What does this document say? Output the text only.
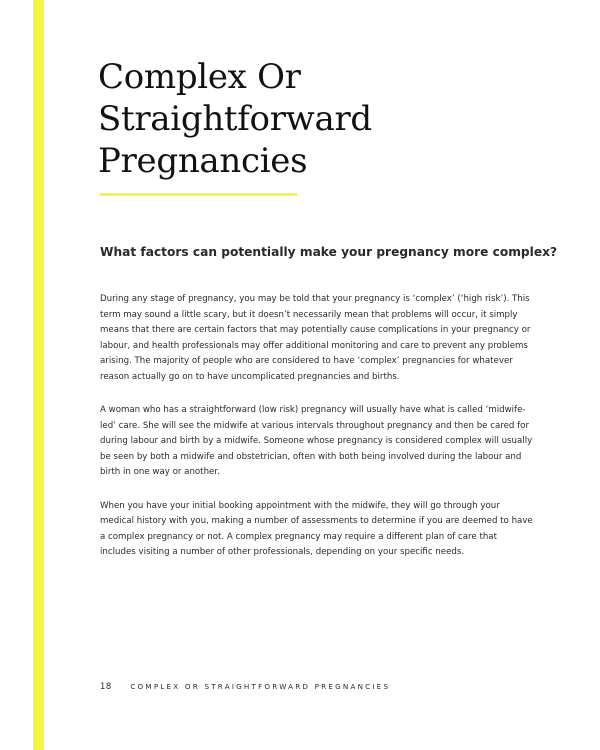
Complex Or
Straightforward
Pregnancies
What factors can potentially make your pregnancy more complex?

During any stage of pregnancy, you may be told that your pregnancy is ‘complex’ (‘high risk’). This term may sound a little scary, but it doesn’t necessarily mean that problems will occur, it simply means that there are certain factors that may potentially cause complications in your pregnancy or labour, and health professionals may offer additional monitoring and care to prevent any problems arising. The majority of people who are considered to have ‘complex’ pregnancies for whatever reason actually go on to have uncomplicated pregnancies and births.

A woman who has a straightforward (low risk) pregnancy will usually have what is called ‘midwife-led’ care. She will see the midwife at various intervals throughout pregnancy and then be cared for during labour and birth by a midwife. Someone whose pregnancy is considered complex will usually be seen by both a midwife and obstetrician, often with both being involved during the labour and birth in one way or another.

When you have your initial booking appointment with the midwife, they will go through your medical history with you, making a number of assessments to determine if you are deemed to have a complex pregnancy or not. A complex pregnancy may require a different plan of care that includes visiting a number of other professionals, depending on your specific needs.

18	COMPLEX OR STRAIGHTFORWARD PREGNANCIES
